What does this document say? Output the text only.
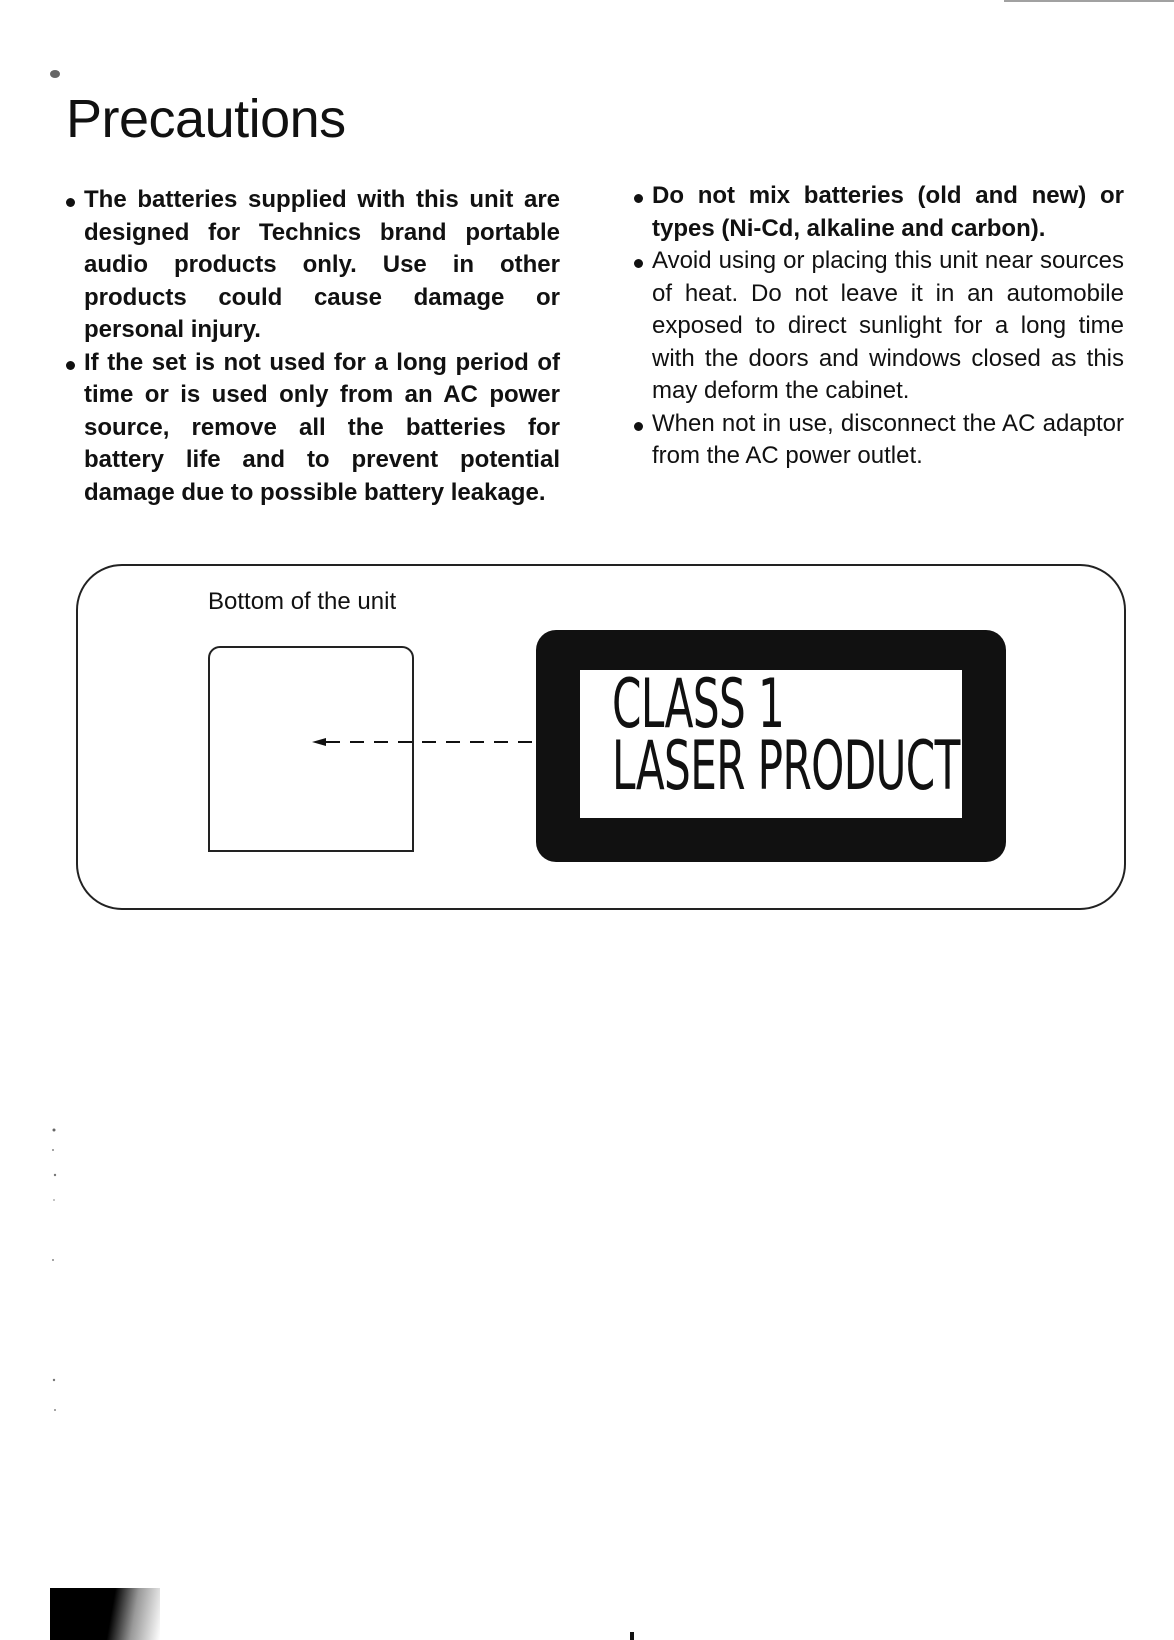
Precautions
The batteries supplied with this unit are designed for Technics brand portable audio products only. Use in other products could cause damage or personal injury.
If the set is not used for a long period of time or is used only from an AC power source, remove all the batteries for battery life and to prevent potential damage due to possible battery leakage.
Do not mix batteries (old and new) or types (Ni-Cd, alkaline and carbon).
Avoid using or placing this unit near sources of heat. Do not leave it in an automobile exposed to direct sunlight for a long time with the doors and windows closed as this may deform the cabinet.
When not in use, disconnect the AC adaptor from the AC power outlet.
Bottom of the unit
CLASS 1
LASER PRODUCT
